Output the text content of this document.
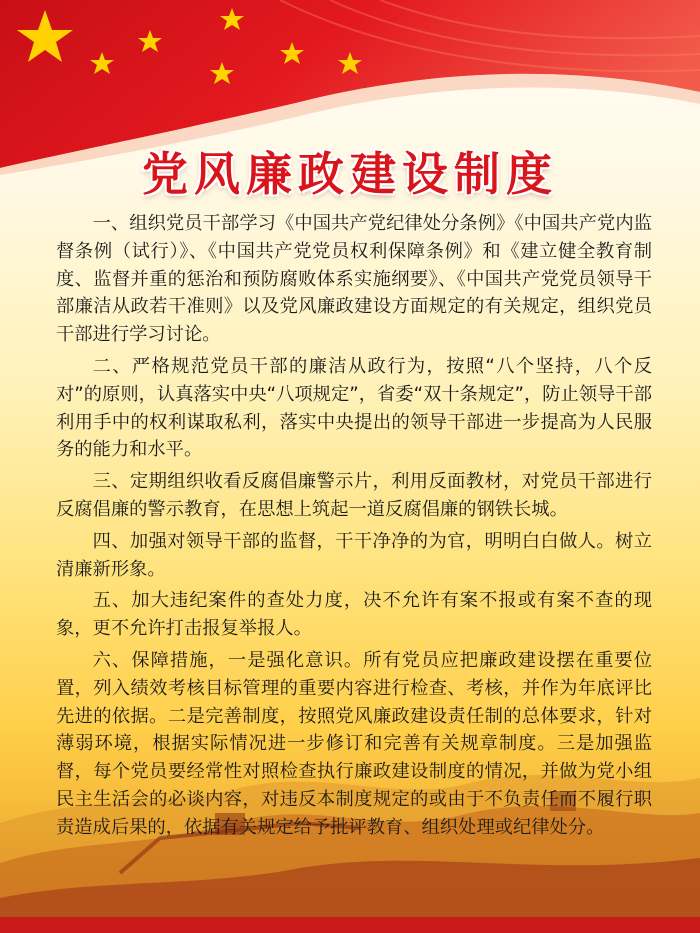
党风廉政建设制度

一、组织党员干部学习《中国共产党纪律处分条例》《中国共产党内监督条例（试行）》、《中国共产党党员权利保障条例》和《建立健全教育制度、监督并重的惩治和预防腐败体系实施纲要》、《中国共产党党员领导干部廉洁从政若干准则》以及党风廉政建设方面规定的有关规定，组织党员干部进行学习讨论。

二、严格规范党员干部的廉洁从政行为，按照“八个坚持，八个反对”的原则，认真落实中央“八项规定”，省委“双十条规定”，防止领导干部利用手中的权利谋取私利，落实中央提出的领导干部进一步提高为人民服务的能力和水平。

三、定期组织收看反腐倡廉警示片，利用反面教材，对党员干部进行反腐倡廉的警示教育，在思想上筑起一道反腐倡廉的钢铁长城。

四、加强对领导干部的监督，干干净净的为官，明明白白做人。树立清廉新形象。

五、加大违纪案件的查处力度，决不允许有案不报或有案不查的现象，更不允许打击报复举报人。

六、保障措施，一是强化意识。所有党员应把廉政建设摆在重要位置，列入绩效考核目标管理的重要内容进行检查、考核，并作为年底评比先进的依据。二是完善制度，按照党风廉政建设责任制的总体要求，针对薄弱环境，根据实际情况进一步修订和完善有关规章制度。三是加强监督，每个党员要经常性对照检查执行廉政建设制度的情况，并做为党小组民主生活会的必谈内容，对违反本制度规定的或由于不负责任而不履行职责造成后果的，依据有关规定给予批评教育、组织处理或纪律处分。
